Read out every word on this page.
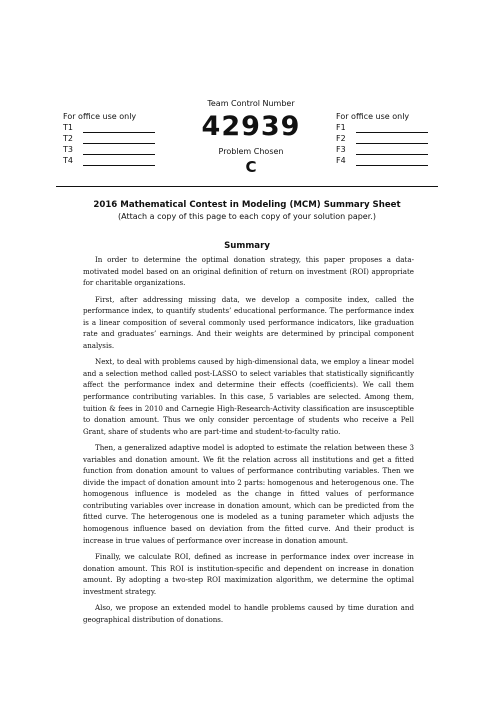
For office use only
T1
T2
T3
T4
Team Control Number
42939
Problem Chosen
C
For office use only
F1
F2
F3
F4
2016 Mathematical Contest in Modeling (MCM) Summary Sheet
(Attach a copy of this page to each copy of your solution paper.)
Summary

In order to determine the optimal donation strategy, this paper proposes a data-motivated model based on an original definition of return on investment (ROI) appropriate for charitable organizations.

First, after addressing missing data, we develop a composite index, called the performance index, to quantify students’ educational performance. The performance index is a linear composition of several commonly used performance indicators, like graduation rate and graduates’ earnings. And their weights are determined by principal component analysis.

Next, to deal with problems caused by high-dimensional data, we employ a linear model and a selection method called post-LASSO to select variables that statistically significantly affect the performance index and determine their effects (coefficients). We call them performance contributing variables. In this case, 5 variables are selected. Among them, tuition & fees in 2010 and Carnegie High-Research-Activity classification are insusceptible to donation amount. Thus we only consider percentage of students who receive a Pell Grant, share of students who are part-time and student-to-faculty ratio.

Then, a generalized adaptive model is adopted to estimate the relation between these 3 variables and donation amount. We fit the relation across all institutions and get a fitted function from donation amount to values of performance contributing variables. Then we divide the impact of donation amount into 2 parts: homogenous and heterogenous one. The homogenous influence is modeled as the change in fitted values of performance contributing variables over increase in donation amount, which can be predicted from the fitted curve. The heterogenous one is modeled as a tuning parameter which adjusts the homogenous influence based on deviation from the fitted curve. And their product is increase in true values of performance over increase in donation amount.

Finally, we calculate ROI, defined as increase in performance index over increase in donation amount. This ROI is institution-specific and dependent on increase in donation amount. By adopting a two-step ROI maximization algorithm, we determine the optimal investment strategy.

Also, we propose an extended model to handle problems caused by time duration and geographical distribution of donations.
